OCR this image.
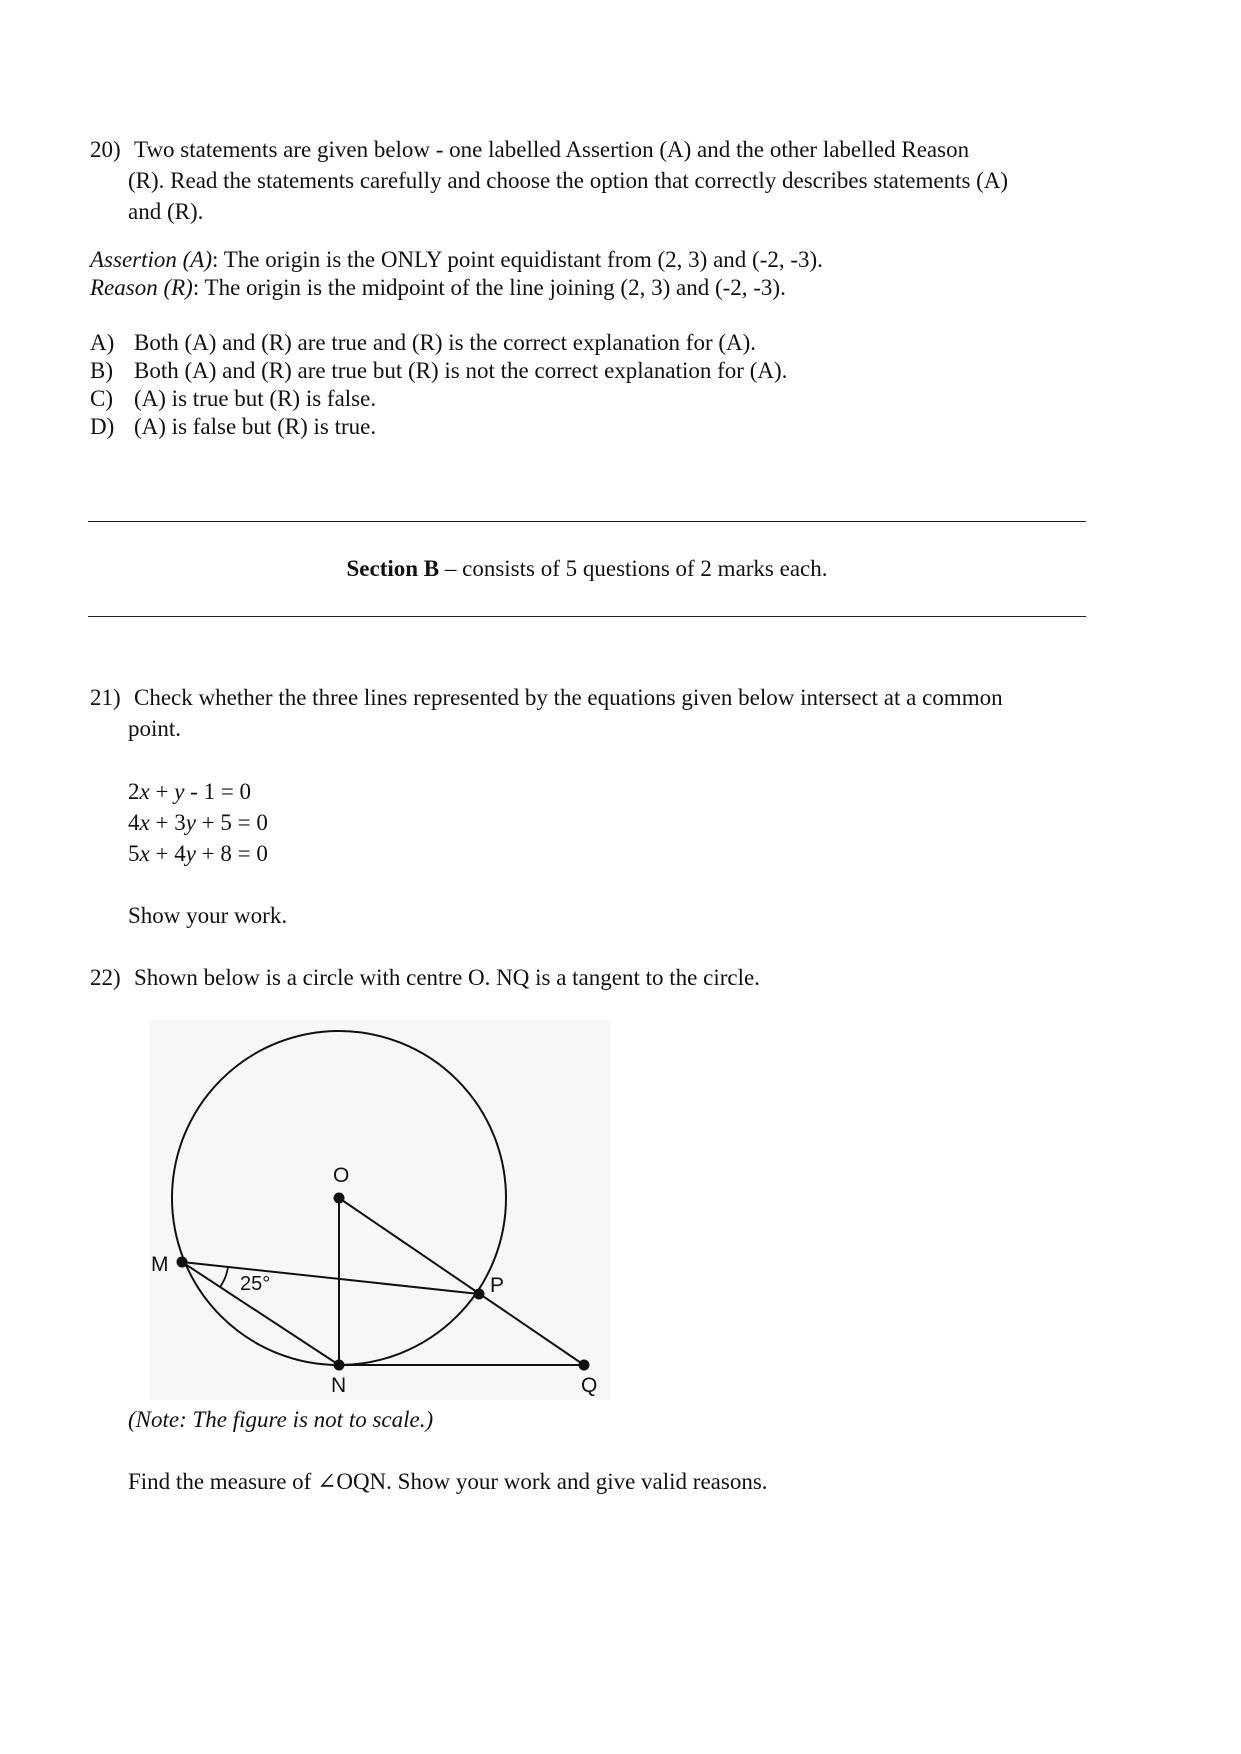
20) Two statements are given below - one labelled Assertion (A) and the other labelled Reason
(R). Read the statements carefully and choose the option that correctly describes statements (A)
and (R).
Assertion (A): The origin is the ONLY point equidistant from (2, 3) and (-2, -3).
Reason (R): The origin is the midpoint of the line joining (2, 3) and (-2, -3).
A) Both (A) and (R) are true and (R) is the correct explanation for (A).
B) Both (A) and (R) are true but (R) is not the correct explanation for (A).
C) (A) is true but (R) is false.
D) (A) is false but (R) is true.
Section B – consists of 5 questions of 2 marks each.
21) Check whether the three lines represented by the equations given below intersect at a common
point.
2x + y - 1 = 0
4x + 3y + 5 = 0
5x + 4y + 8 = 0
Show your work.
22) Shown below is a circle with centre O. NQ is a tangent to the circle.
O
M
P
N	Q
25°
(Note: The figure is not to scale.)
Find the measure of ∠OQN. Show your work and give valid reasons.
